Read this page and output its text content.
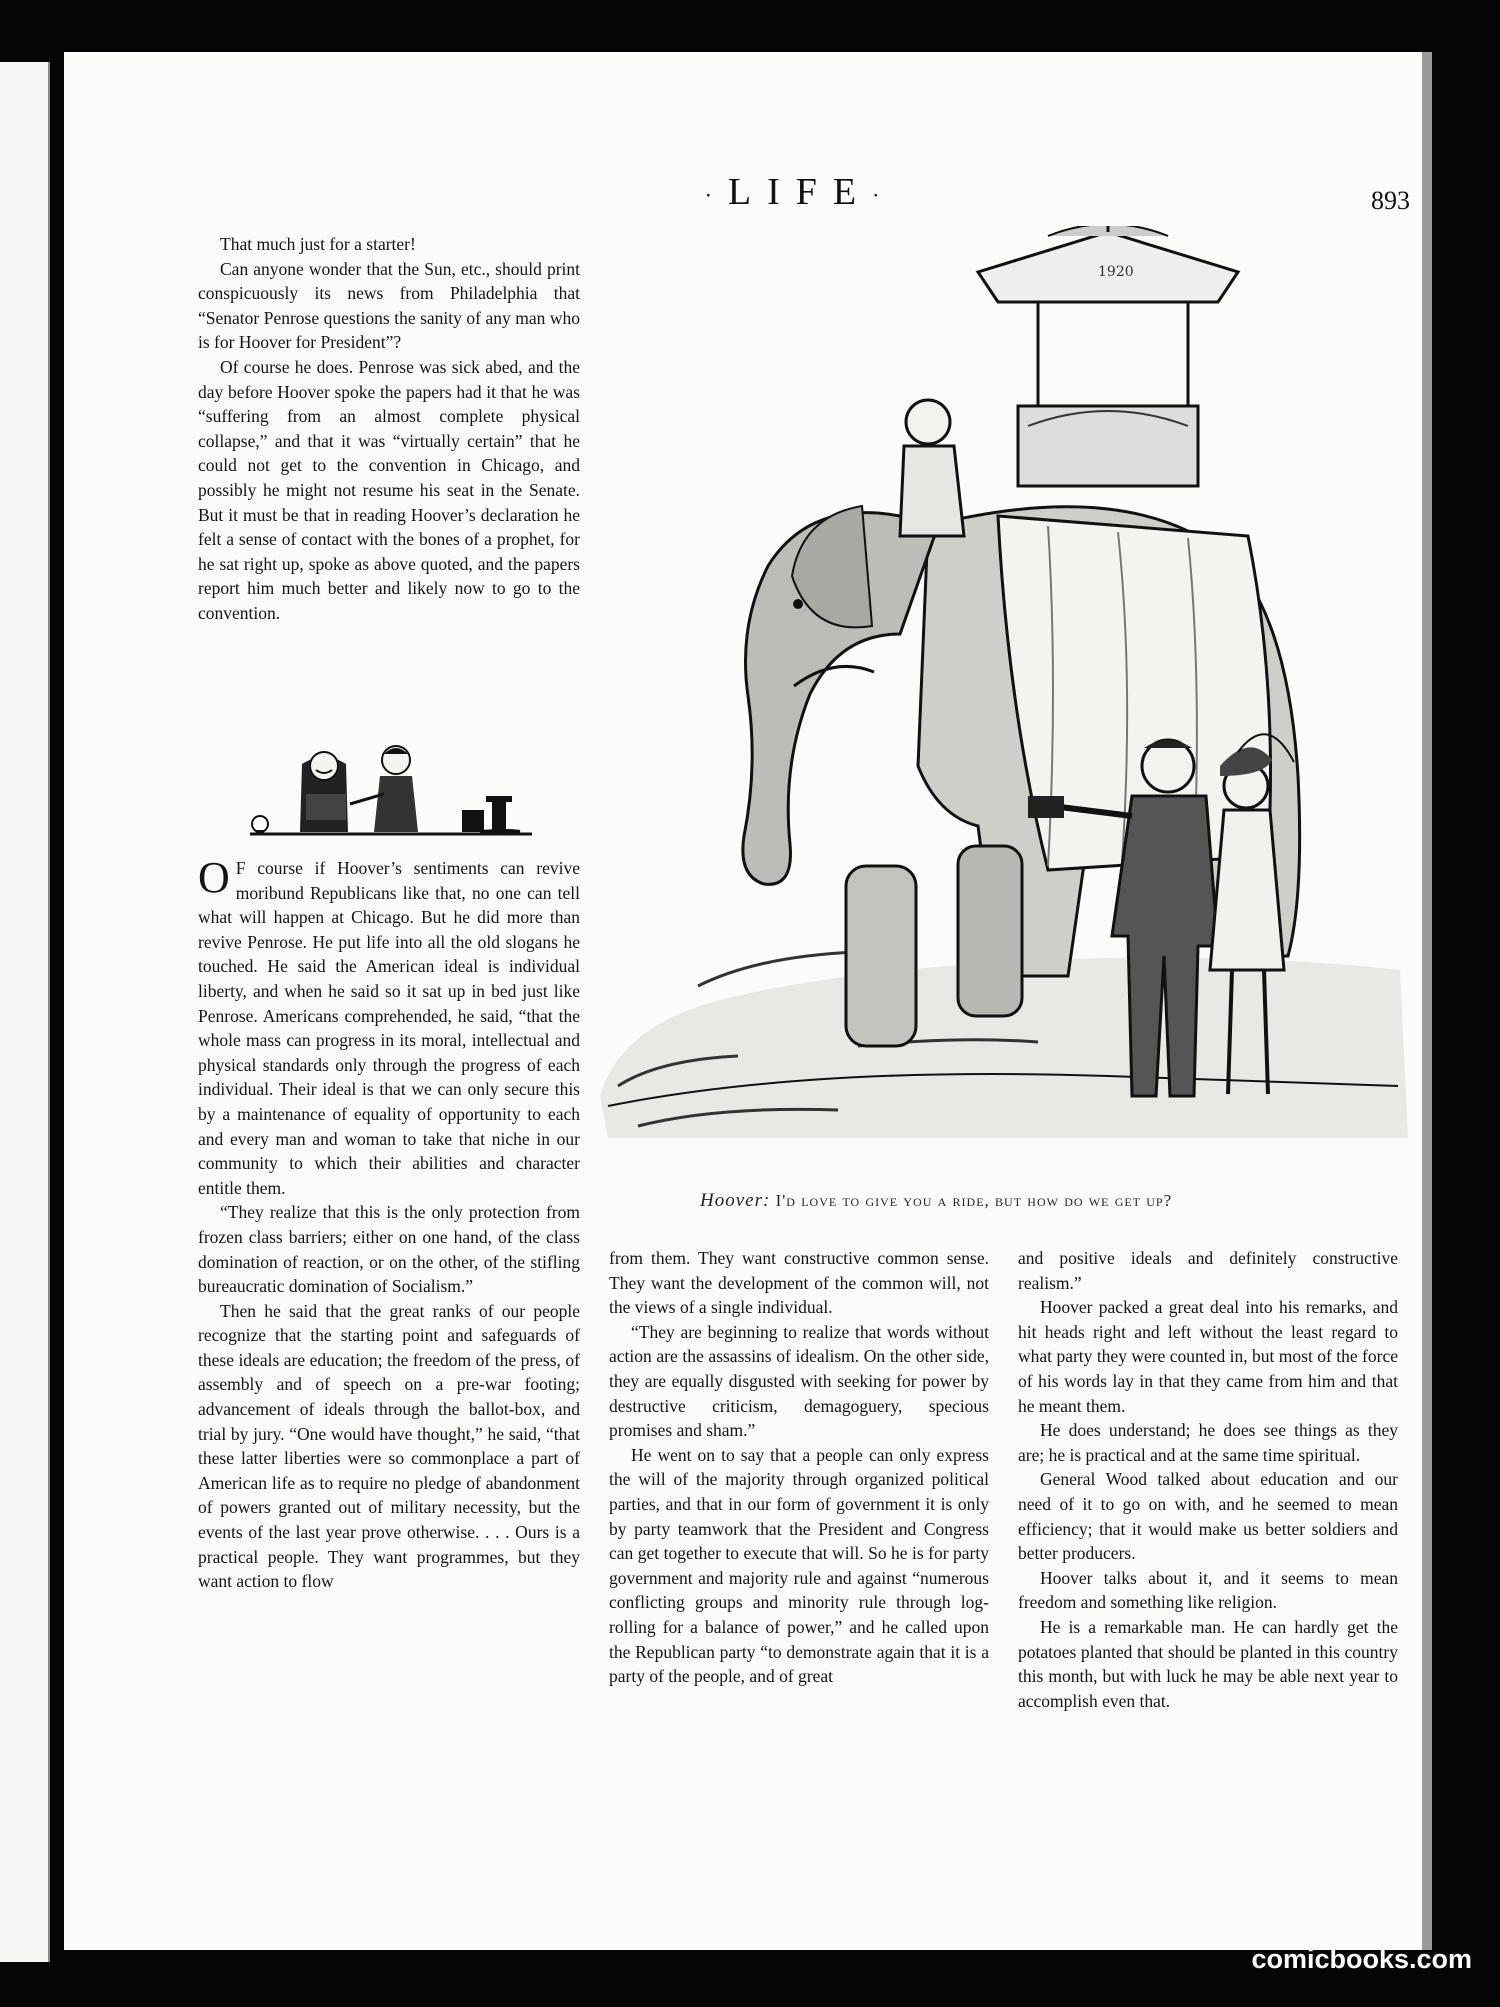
·LIFE·	893

That much just for a starter!

Can anyone wonder that the Sun, etc., should print conspicuously its news from Philadelphia that “Senator Penrose questions the sanity of any man who is for Hoover for President”?

Of course he does. Penrose was sick abed, and the day before Hoover spoke the papers had it that he was “suffering from an almost complete physical collapse,” and that it was “virtually certain” that he could not get to the convention in Chicago, and possibly he might not resume his seat in the Senate. But it must be that in reading Hoover’s declaration he felt a sense of contact with the bones of a prophet, for he sat right up, spoke as above quoted, and the papers report him much better and likely now to go to the convention.

O F course if Hoover’s sentiments can revive moribund Republicans like that, no one can tell what will happen at Chicago. But he did more than revive Penrose. He put life into all the old slogans he touched. He said the American ideal is individual liberty, and when he said so it sat up in bed just like Penrose. Americans comprehended, he said, “that the whole mass can progress in its moral, intellectual and physical standards only through the progress of each individual. Their ideal is that we can only secure this by a maintenance of equality of opportunity to each and every man and woman to take that niche in our community to which their abilities and character entitle them.

“They realize that this is the only protection from frozen class barriers; either on one hand, of the class domination of reaction, or on the other, of the stifling bureaucratic domination of Socialism.”

Then he said that the great ranks of our people recognize that the starting point and safeguards of these ideals are education; the freedom of the press, of assembly and of speech on a pre-war footing; advancement of ideals through the ballot-box, and trial by jury. “One would have thought,” he said, “that these latter liberties were so commonplace a part of American life as to require no pledge of abandonment of powers granted out of military necessity, but the events of the last year prove otherwise. . . . Ours is a practical people. They want programmes, but they want action to flow

1920
Hoover: I'd love to give you a ride, but how do we get up?

from them. They want constructive common sense. They want the development of the common will, not the views of a single individual.

“They are beginning to realize that words without action are the assassins of idealism. On the other side, they are equally disgusted with seeking for power by destructive criticism, demagoguery, specious promises and sham.”

He went on to say that a people can only express the will of the majority through organized political parties, and that in our form of government it is only by party teamwork that the President and Congress can get together to execute that will. So he is for party government and majority rule and against “numerous conflicting groups and minority rule through log-rolling for a balance of power,” and he called upon the Republican party “to demonstrate again that it is a party of the people, and of great

and positive ideals and definitely constructive realism.”

Hoover packed a great deal into his remarks, and hit heads right and left without the least regard to what party they were counted in, but most of the force of his words lay in that they came from him and that he meant them.

He does understand; he does see things as they are; he is practical and at the same time spiritual.

General Wood talked about education and our need of it to go on with, and he seemed to mean efficiency; that it would make us better soldiers and better producers.

Hoover talks about it, and it seems to mean freedom and something like religion.

He is a remarkable man. He can hardly get the potatoes planted that should be planted in this country this month, but with luck he may be able next year to accomplish even that.

comicbooks.com
